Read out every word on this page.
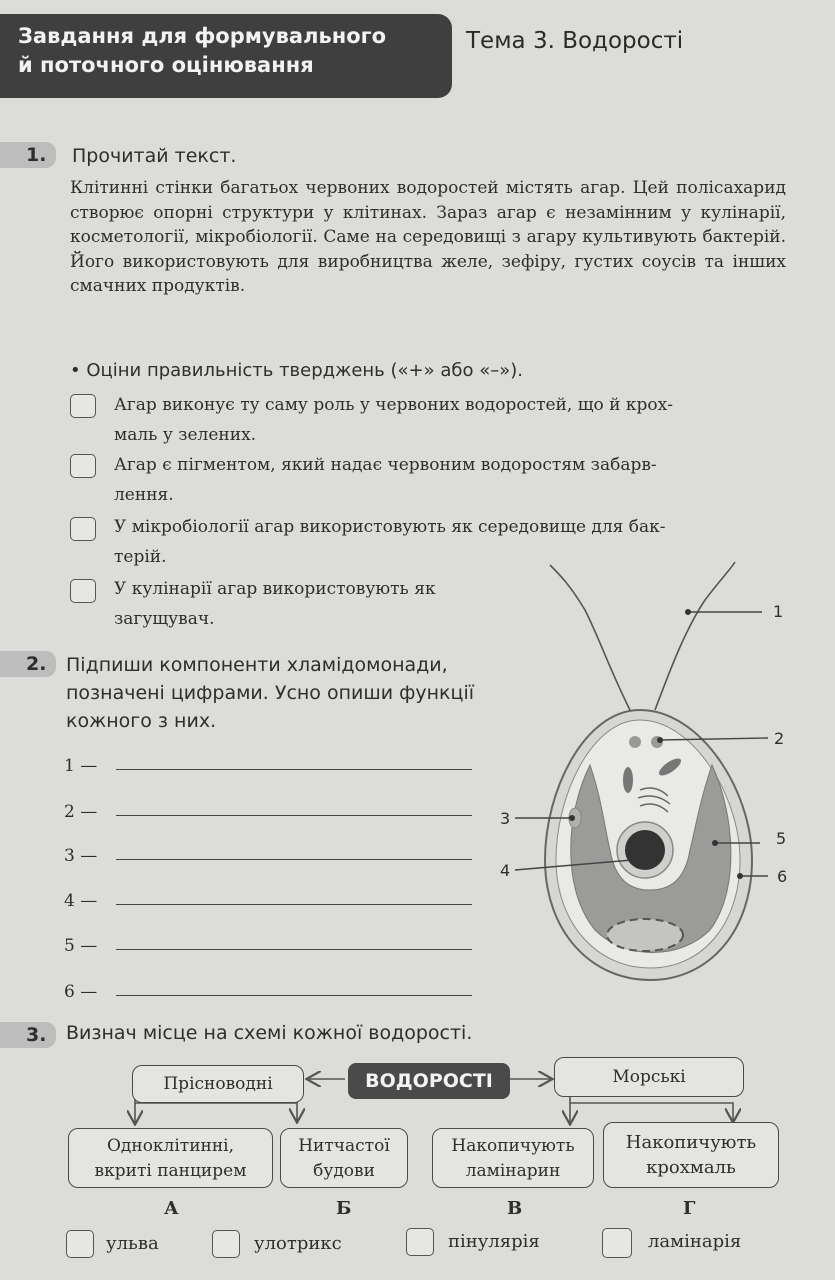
Завдання для формувального
й поточного оцінювання
Тема 3. Водорості
1.	Прочитай текст.
Клітинні стінки багатьох червоних водоростей містять агар. Цей полісахарид створює опорні структури у клітинах. Зараз агар є незамінним у кулінарії, косметології, мікробіології. Саме на середовищі з агару культивують бактерій. Його використовують для виробництва желе, зефіру, густих соусів та інших смачних продуктів.
• Оціни правильність тверджень («+» або «–»).
Агар виконує ту саму роль у червоних водоростей, що й крох-
маль у зелених.
Агар є пігментом, який надає червоним водоростям забарв-
лення.
У мікробіології агар використовують як середовище для бак-
терій.
У кулінарії агар використовують як
загущувач.
2.	Підпиши компоненти хламідомонади,
позначені цифрами. Усно опиши функції
кожного з них.
1 —
2 —
3 —
4 —
5 —
6 —
1
2
3
5
4	6
3.	Визнач місце на схемі кожної водорості.
Прісноводні	ВОДОРОСТІ	Морські
Одноклітинні,
вкриті панцирем
Нитчастої
будови
Накопичують
ламінарин
Накопичують
крохмаль
А	Б	В	Г
ульва	улотрикс	пінулярія	ламінарія
